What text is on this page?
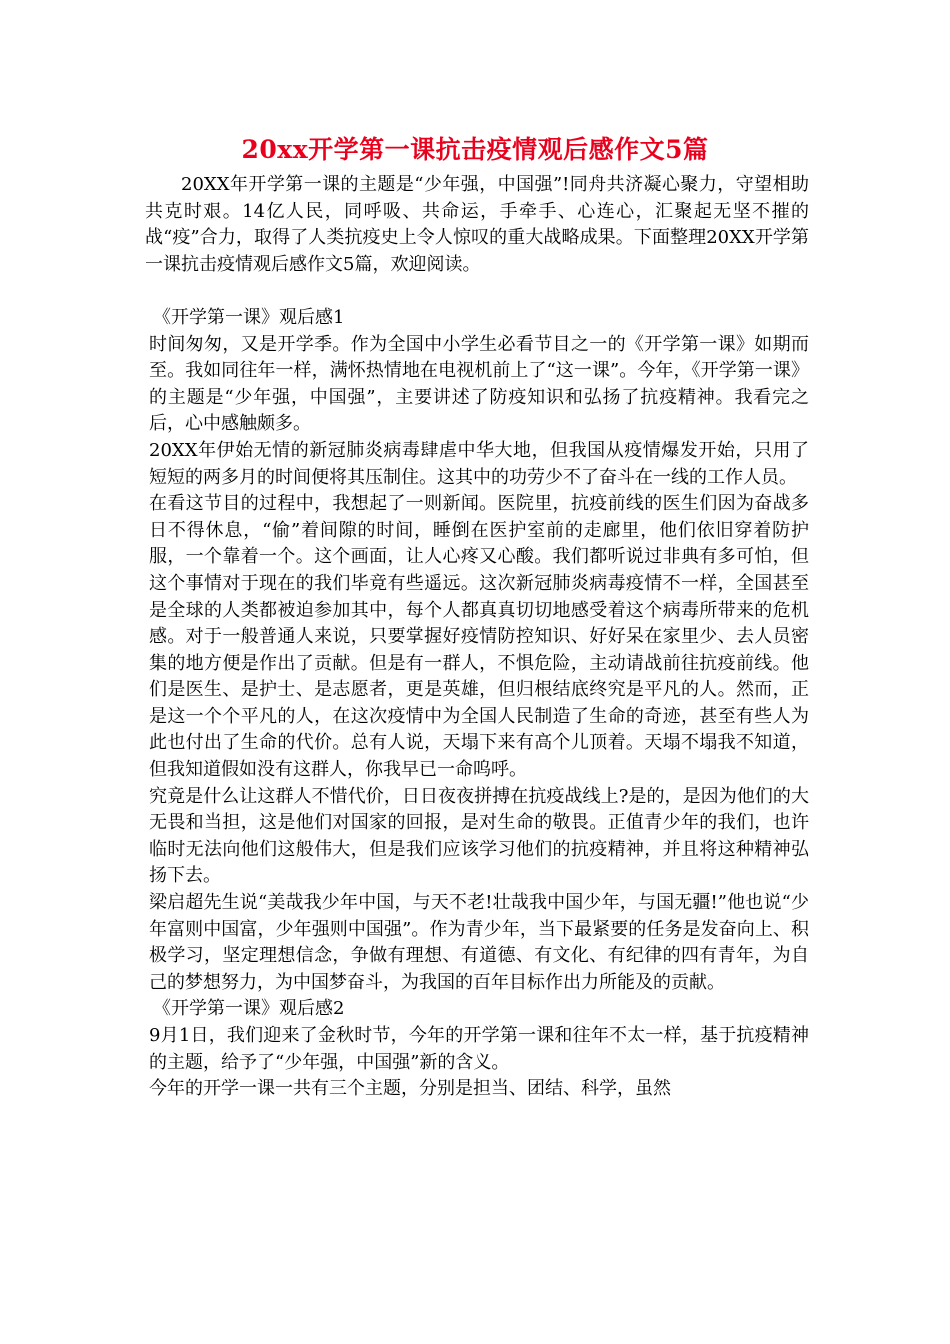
20xx开学第一课抗击疫情观后感作文5篇

20XX年开学第一课的主题是“少年强，中国强”!同舟共济凝心聚力，守望相助共克时艰。14亿人民，同呼吸、共命运，手牵手、心连心，汇聚起无坚不摧的战“疫”合力，取得了人类抗疫史上令人惊叹的重大战略成果。下面整理20XX开学第一课抗击疫情观后感作文5篇，欢迎阅读。

《开学第一课》观后感1

时间匆匆，又是开学季。作为全国中小学生必看节目之一的《开学第一课》如期而至。我如同往年一样，满怀热情地在电视机前上了“这一课”。今年，《开学第一课》的主题是“少年强，中国强”，主要讲述了防疫知识和弘扬了抗疫精神。我看完之后，心中感触颇多。

20XX年伊始无情的新冠肺炎病毒肆虐中华大地，但我国从疫情爆发开始，只用了短短的两多月的时间便将其压制住。这其中的功劳少不了奋斗在一线的工作人员。

在看这节目的过程中，我想起了一则新闻。医院里，抗疫前线的医生们因为奋战多日不得休息，“偷”着间隙的时间，睡倒在医护室前的走廊里，他们依旧穿着防护服，一个靠着一个。这个画面，让人心疼又心酸。我们都听说过非典有多可怕，但这个事情对于现在的我们毕竟有些遥远。这次新冠肺炎病毒疫情不一样，全国甚至是全球的人类都被迫参加其中，每个人都真真切切地感受着这个病毒所带来的危机感。对于一般普通人来说，只要掌握好疫情防控知识、好好呆在家里少、去人员密集的地方便是作出了贡献。但是有一群人，不惧危险，主动请战前往抗疫前线。他们是医生、是护士、是志愿者，更是英雄，但归根结底终究是平凡的人。然而，正是这一个个平凡的人，在这次疫情中为全国人民制造了生命的奇迹，甚至有些人为此也付出了生命的代价。总有人说，天塌下来有高个儿顶着。天塌不塌我不知道，但我知道假如没有这群人，你我早已一命呜呼。

究竟是什么让这群人不惜代价，日日夜夜拼搏在抗疫战线上?是的，是因为他们的大无畏和当担，这是他们对国家的回报，是对生命的敬畏。正值青少年的我们，也许临时无法向他们这般伟大，但是我们应该学习他们的抗疫精神，并且将这种精神弘扬下去。

梁启超先生说“美哉我少年中国，与天不老!壮哉我中国少年，与国无疆!”他也说“少年富则中国富，少年强则中国强”。作为青少年，当下最紧要的任务是发奋向上、积极学习，坚定理想信念，争做有理想、有道德、有文化、有纪律的四有青年，为自己的梦想努力，为中国梦奋斗，为我国的百年目标作出力所能及的贡献。

《开学第一课》观后感2

9月1日，我们迎来了金秋时节，今年的开学第一课和往年不太一样，基于抗疫精神的主题，给予了“少年强，中国强”新的含义。

今年的开学一课一共有三个主题，分别是担当、团结、科学，虽然
